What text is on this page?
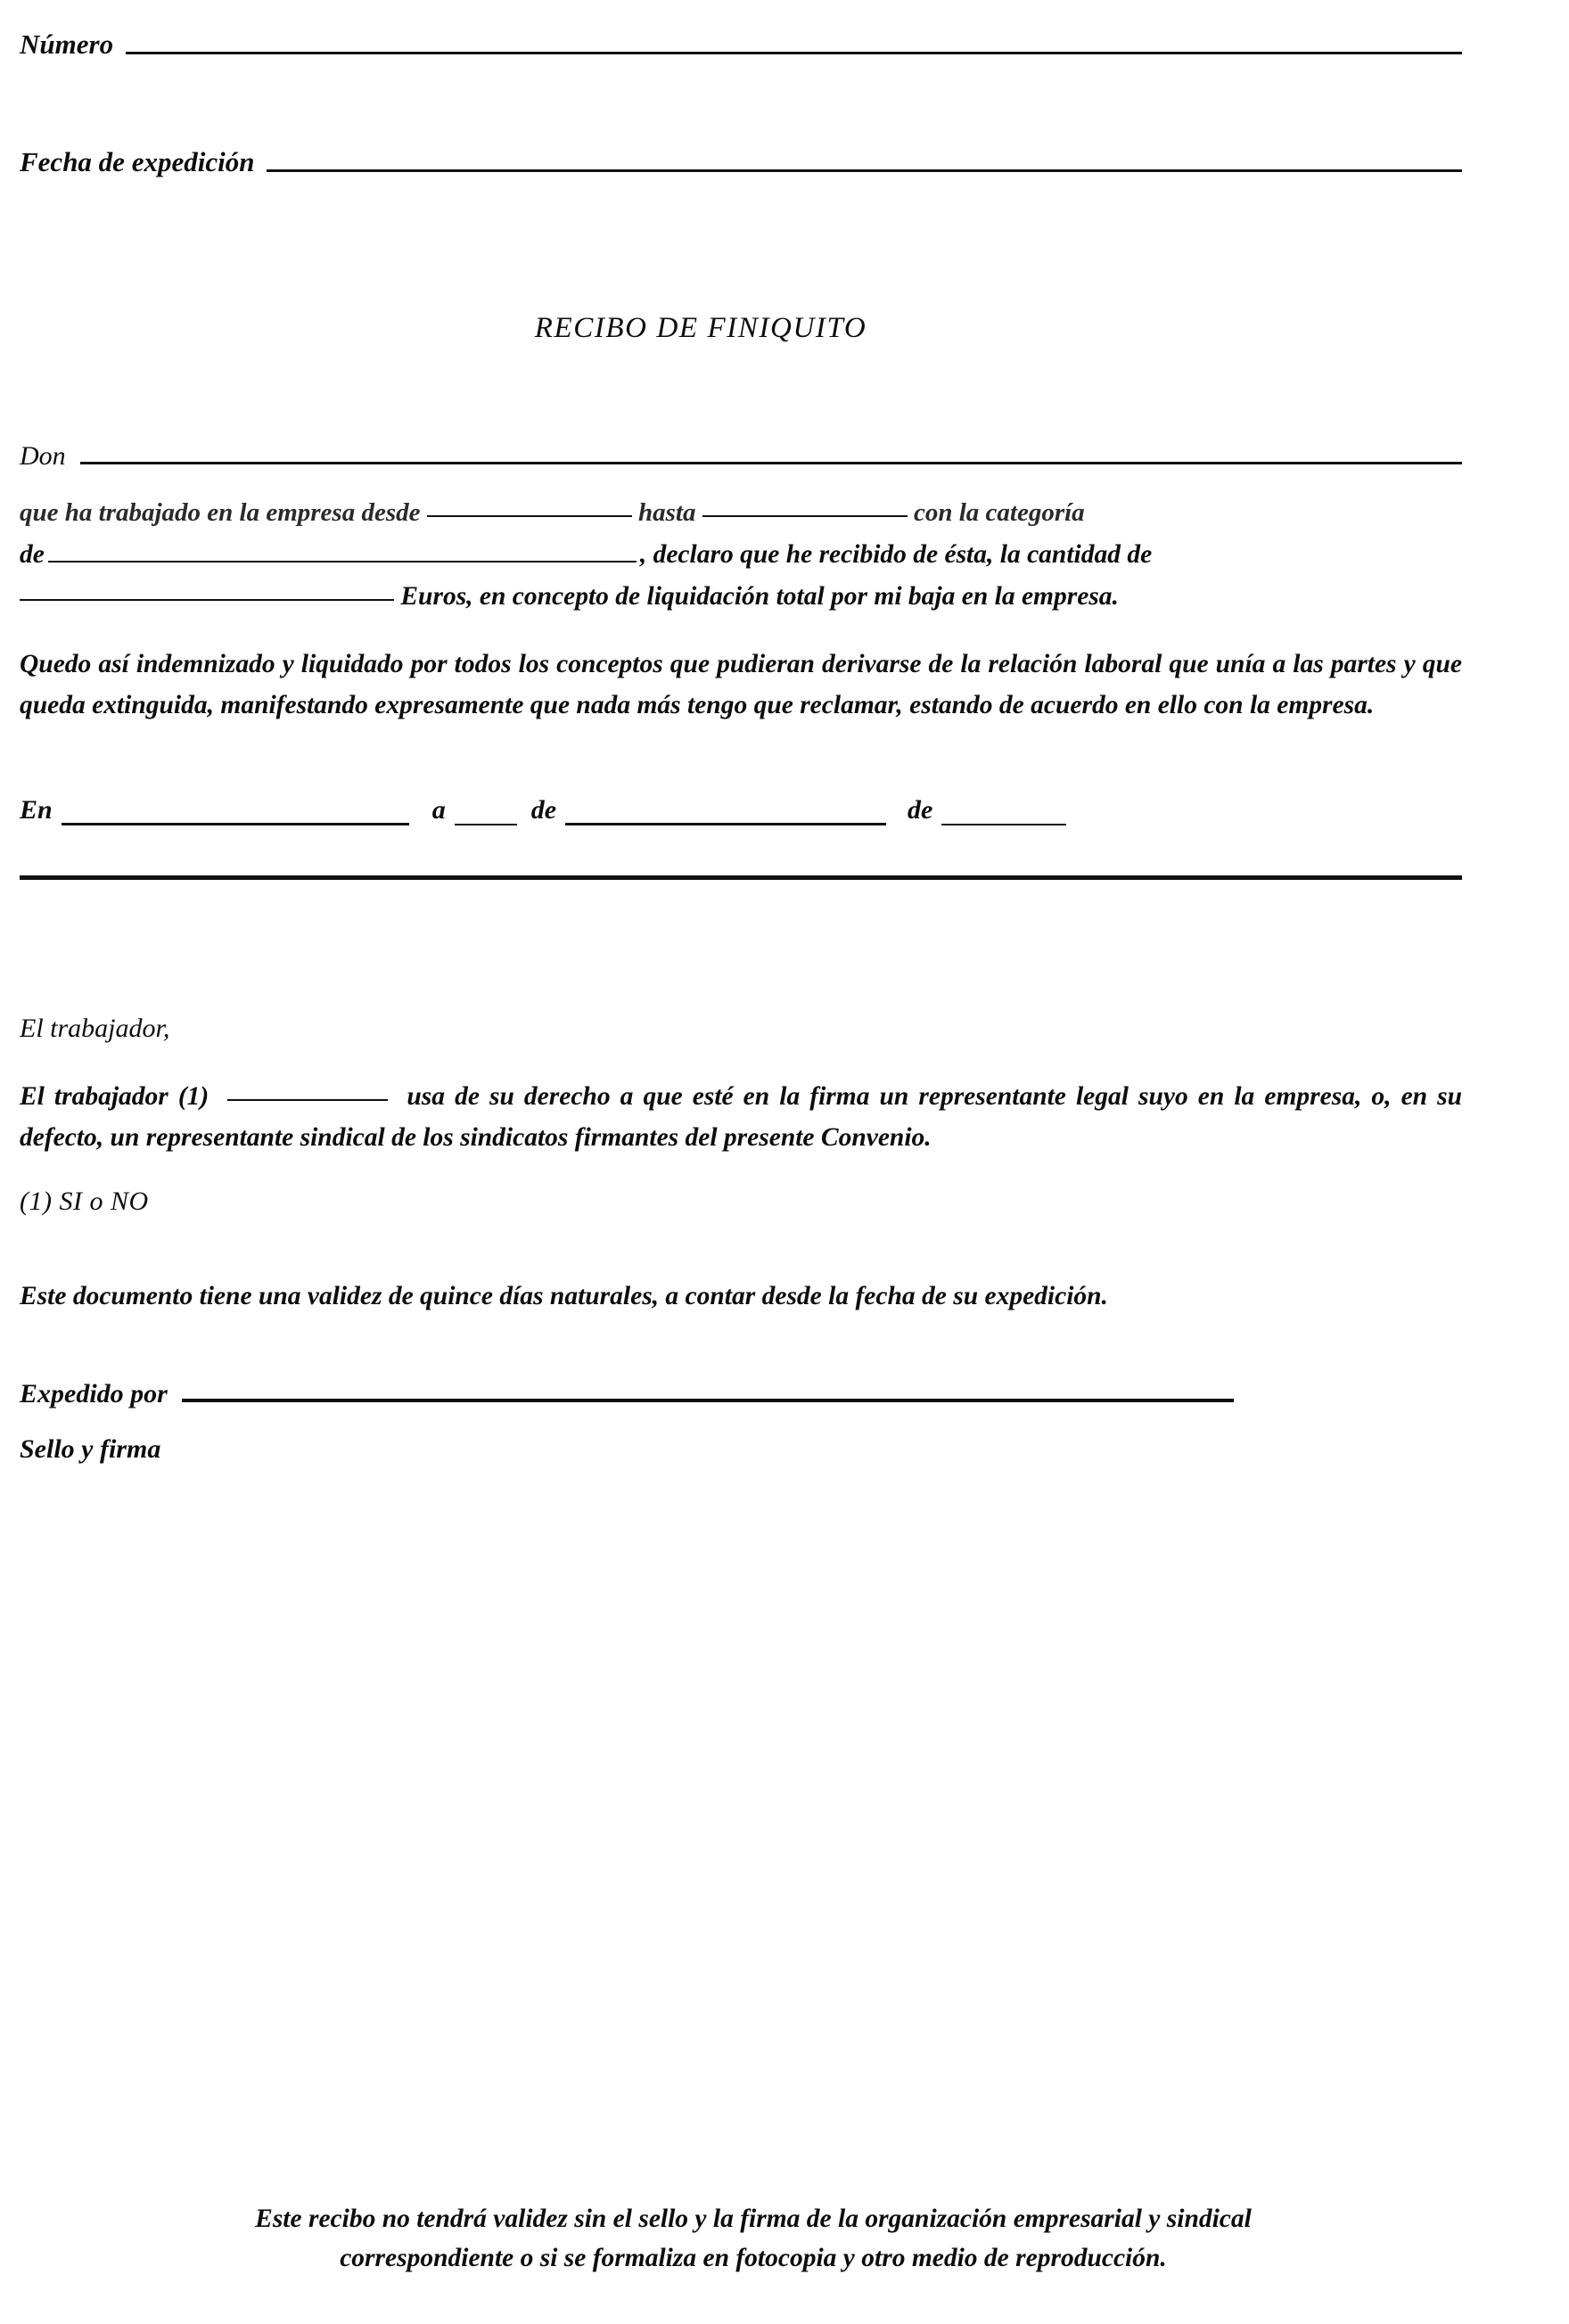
Número
Fecha de expedición
RECIBO DE FINIQUITO
Don
que ha trabajado en la empresa desde	hasta	con la categoría
de	, declaro que he recibido de ésta, la cantidad de
Euros, en concepto de liquidación total por mi baja en la empresa.

Quedo así indemnizado y liquidado por todos los conceptos que pudieran derivarse de la relación laboral que unía a las partes y que queda extinguida, manifestando expresamente que nada más tengo que reclamar, estando de acuerdo en ello con la empresa.

En	a	de	de
El trabajador,

El trabajador (1)	usa de su derecho a que esté en la firma un representante legal suyo en la empresa, o, en su defecto, un representante sindical de los sindicatos firmantes del presente Convenio.

(1) SI o NO

Este documento tiene una validez de quince días naturales, a contar desde la fecha de su expedición.

Expedido por
Sello y firma
Este recibo no tendrá validez sin el sello y la firma de la organización empresarial y sindical
correspondiente o si se formaliza en fotocopia y otro medio de reproducción.
